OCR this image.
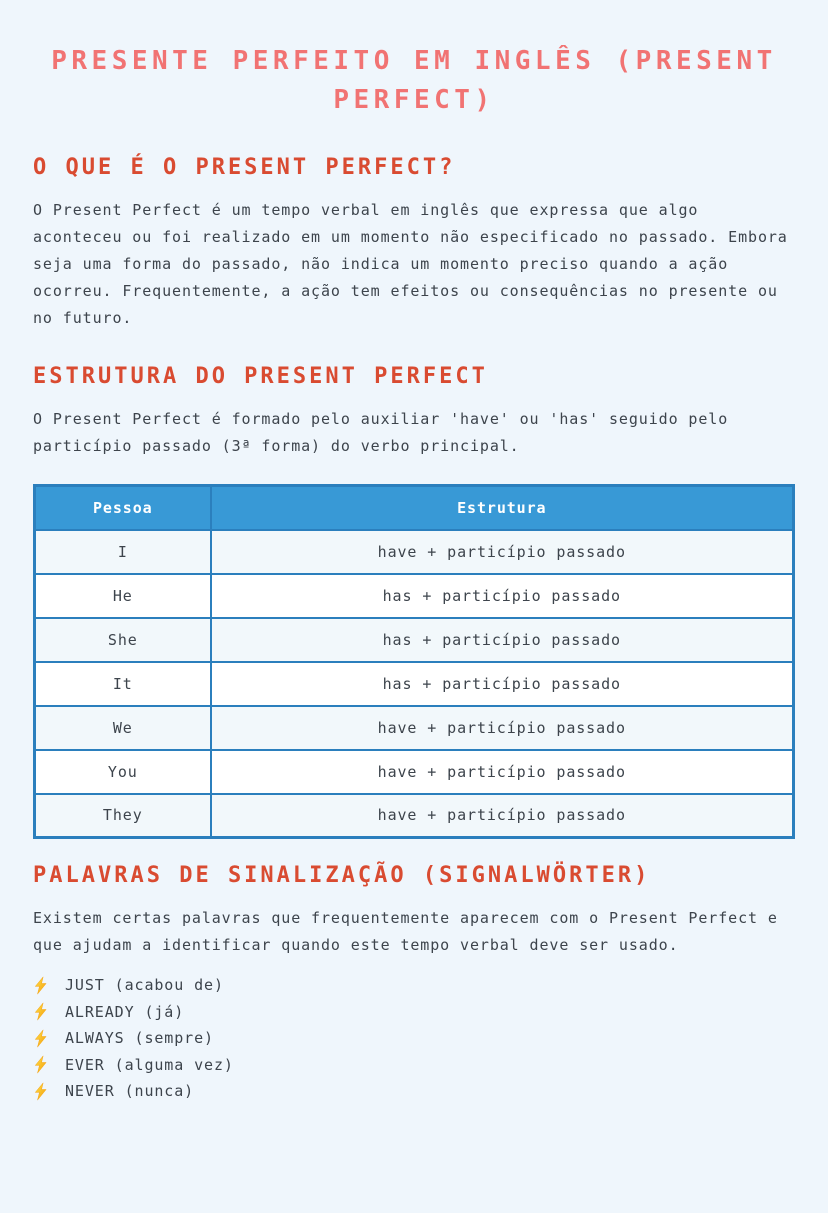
PRESENTE PERFEITO EM INGLÊS (PRESENT PERFECT)
O QUE É O PRESENT PERFECT?

O Present Perfect é um tempo verbal em inglês que expressa que algo aconteceu ou foi realizado em um momento não especificado no passado. Embora seja uma forma do passado, não indica um momento preciso quando a ação ocorreu. Frequentemente, a ação tem efeitos ou consequências no presente ou no futuro.

ESTRUTURA DO PRESENT PERFECT

O Present Perfect é formado pelo auxiliar 'have' ou 'has' seguido pelo particípio passado (3ª forma) do verbo principal.

Pessoa	Estrutura
I	have + particípio passado
He	has + particípio passado
She	has + particípio passado
It	has + particípio passado
We	have + particípio passado
You	have + particípio passado
They	have + particípio passado
PALAVRAS DE SINALIZAÇÃO (SIGNALWÖRTER)

Existem certas palavras que frequentemente aparecem com o Present Perfect e que ajudam a identificar quando este tempo verbal deve ser usado.

JUST (acabou de)
ALREADY (já)
ALWAYS (sempre)
EVER (alguma vez)
NEVER (nunca)
